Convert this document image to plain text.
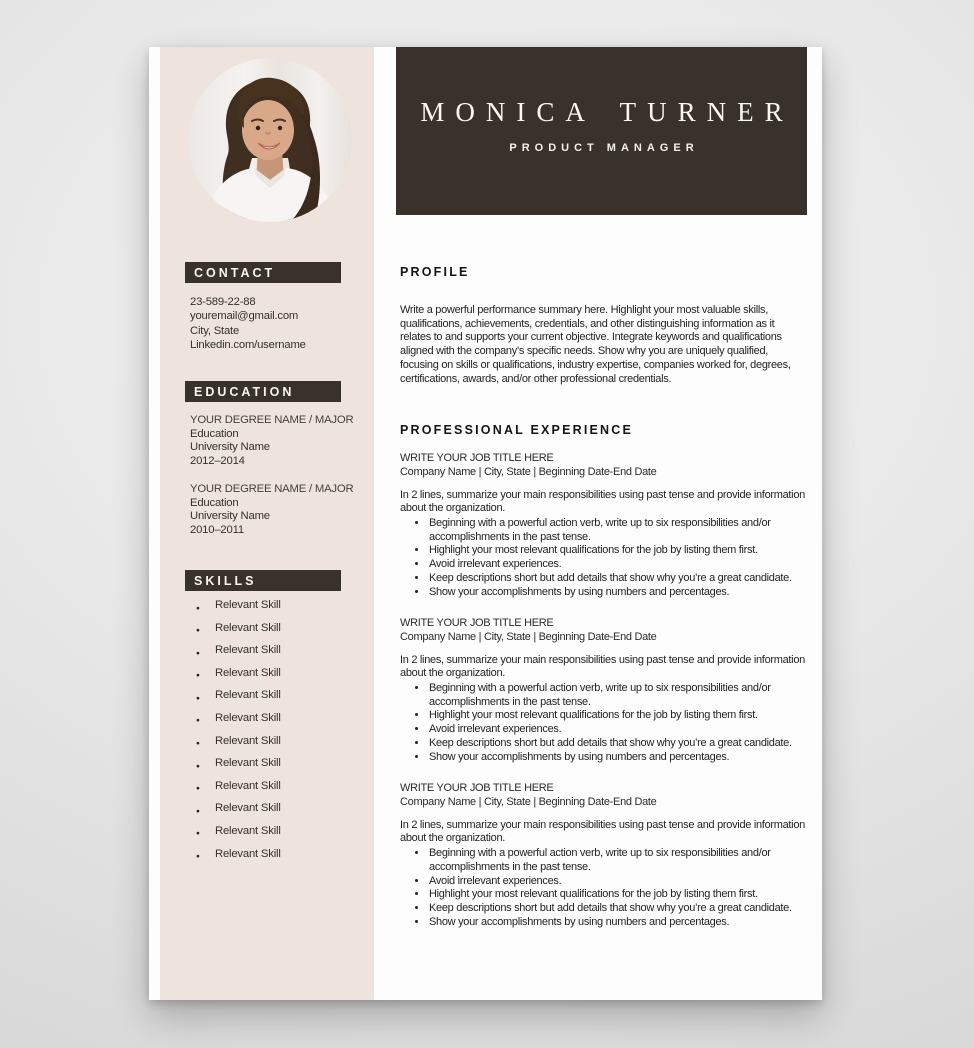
CONTACT
23-589-22-88
youremail@gmail.com
City, State
Linkedin.com/username
EDUCATION
YOUR DEGREE NAME / MAJOR
Education
University Name
2012–2014
YOUR DEGREE NAME / MAJOR
Education
University Name
2010–2011
SKILLS
● Relevant Skill
● Relevant Skill
● Relevant Skill
● Relevant Skill
● Relevant Skill
● Relevant Skill
● Relevant Skill
● Relevant Skill
● Relevant Skill
● Relevant Skill
● Relevant Skill
● Relevant Skill
MONICA TURNER
PRODUCT MANAGER
PROFILE

Write a powerful performance summary here. Highlight your most valuable skills, qualifications, achievements, credentials, and other distinguishing information as it relates to and supports your current objective. Integrate keywords and qualifications aligned with the company’s specific needs. Show why you are uniquely qualified, focusing on skills or qualifications, industry expertise, companies worked for, degrees, certifications, awards, and/or other professional credentials.

PROFESSIONAL EXPERIENCE
WRITE YOUR JOB TITLE HERE
Company Name | City, State | Beginning Date-End Date

In 2 lines, summarize your main responsibilities using past tense and provide information about the organization.

• Beginning with a powerful action verb, write up to six responsibilities and/or accomplishments in the past tense.
• Highlight your most relevant qualifications for the job by listing them first.
• Avoid irrelevant experiences.
• Keep descriptions short but add details that show why you’re a great candidate.
• Show your accomplishments by using numbers and percentages.
WRITE YOUR JOB TITLE HERE
Company Name | City, State | Beginning Date-End Date

In 2 lines, summarize your main responsibilities using past tense and provide information about the organization.

• Beginning with a powerful action verb, write up to six responsibilities and/or accomplishments in the past tense.
• Highlight your most relevant qualifications for the job by listing them first.
• Avoid irrelevant experiences.
• Keep descriptions short but add details that show why you’re a great candidate.
• Show your accomplishments by using numbers and percentages.
WRITE YOUR JOB TITLE HERE
Company Name | City, State | Beginning Date-End Date

In 2 lines, summarize your main responsibilities using past tense and provide information about the organization.

• Beginning with a powerful action verb, write up to six responsibilities and/or accomplishments in the past tense.
• Avoid irrelevant experiences.
• Highlight your most relevant qualifications for the job by listing them first.
• Keep descriptions short but add details that show why you’re a great candidate.
• Show your accomplishments by using numbers and percentages.
